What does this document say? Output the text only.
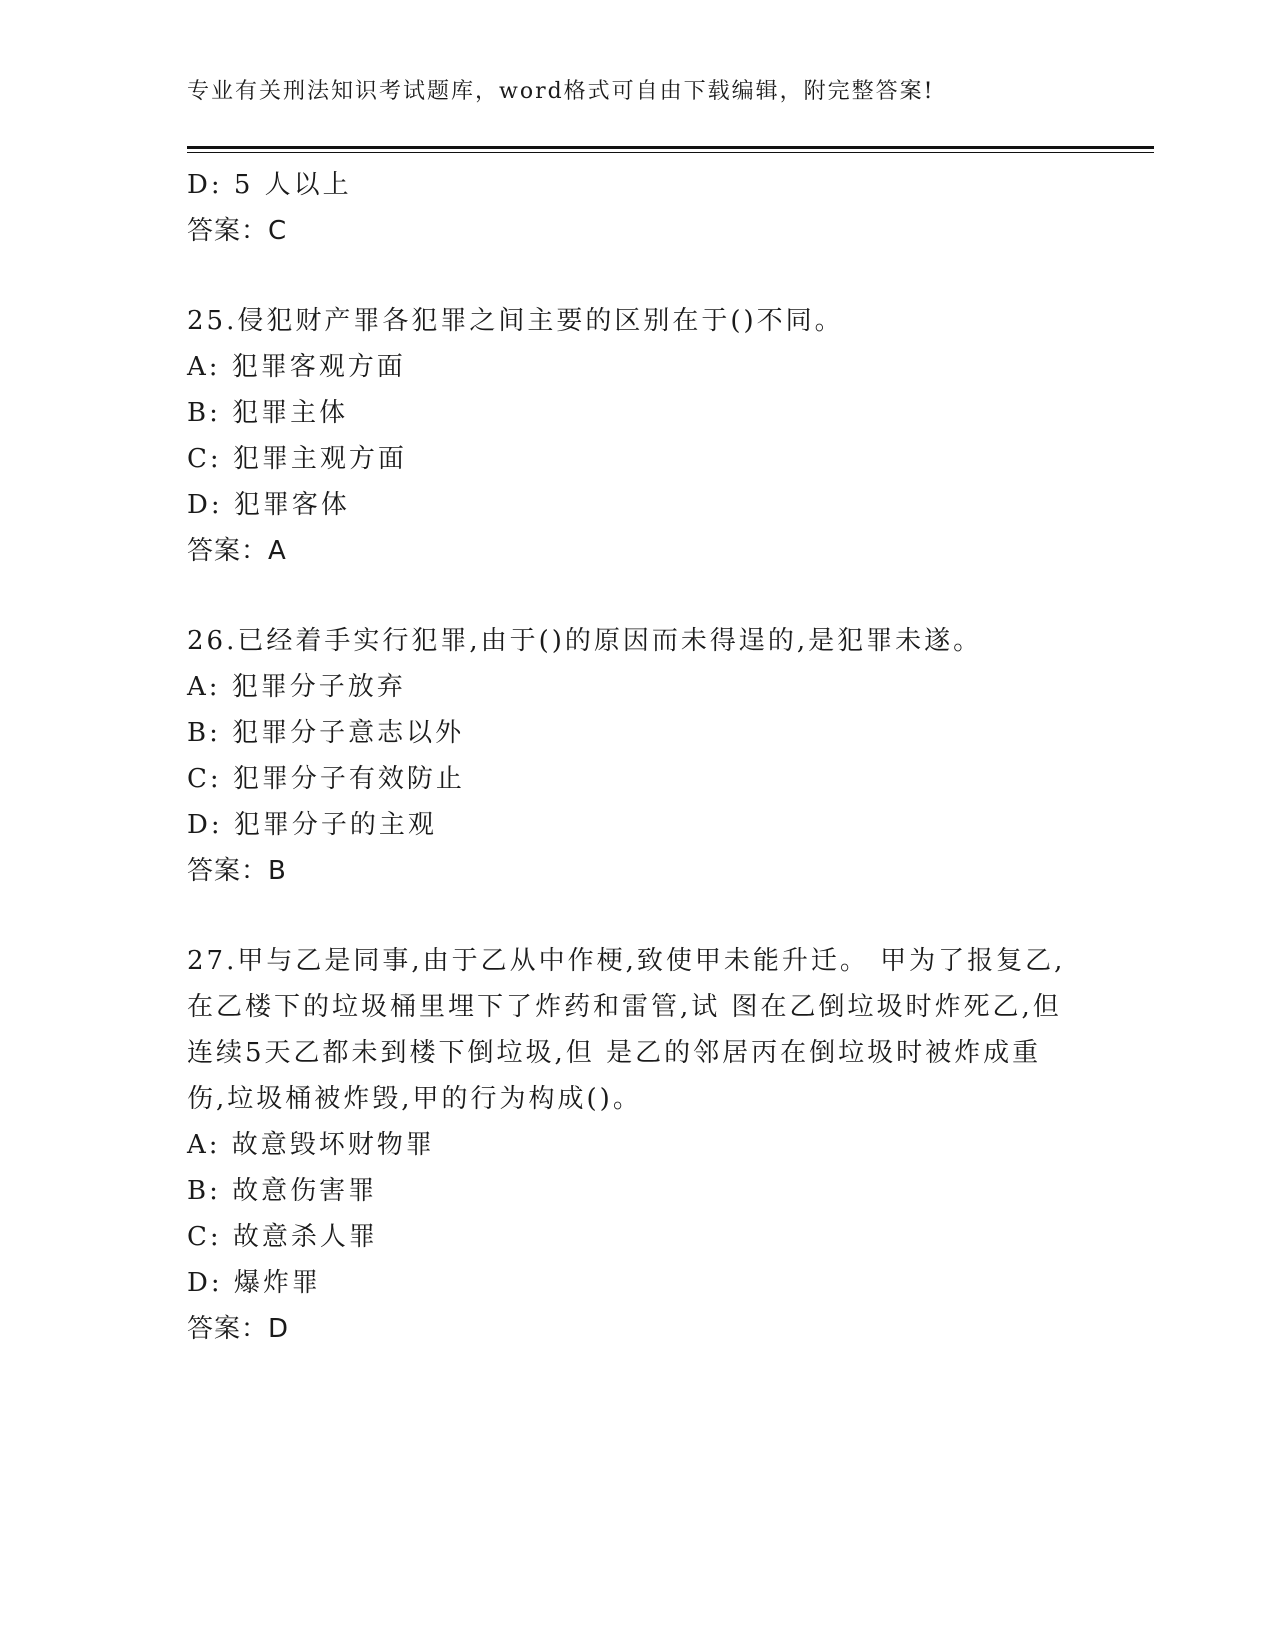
专业有关刑法知识考试题库，word格式可自由下载编辑，附完整答案!
D: 5 人以上
答案：C
25.侵犯财产罪各犯罪之间主要的区别在于()不同。
A: 犯罪客观方面
B: 犯罪主体
C: 犯罪主观方面
D: 犯罪客体
答案：A
26.已经着手实行犯罪,由于()的原因而未得逞的,是犯罪未遂。
A: 犯罪分子放弃
B: 犯罪分子意志以外
C: 犯罪分子有效防止
D: 犯罪分子的主观
答案：B
27.甲与乙是同事,由于乙从中作梗,致使甲未能升迁。 甲为了报复乙,
在乙楼下的垃圾桶里埋下了炸药和雷管,试 图在乙倒垃圾时炸死乙,但
连续5天乙都未到楼下倒垃圾,但 是乙的邻居丙在倒垃圾时被炸成重
伤,垃圾桶被炸毁,甲的行为构成()。
A: 故意毁坏财物罪
B: 故意伤害罪
C: 故意杀人罪
D: 爆炸罪
答案：D
